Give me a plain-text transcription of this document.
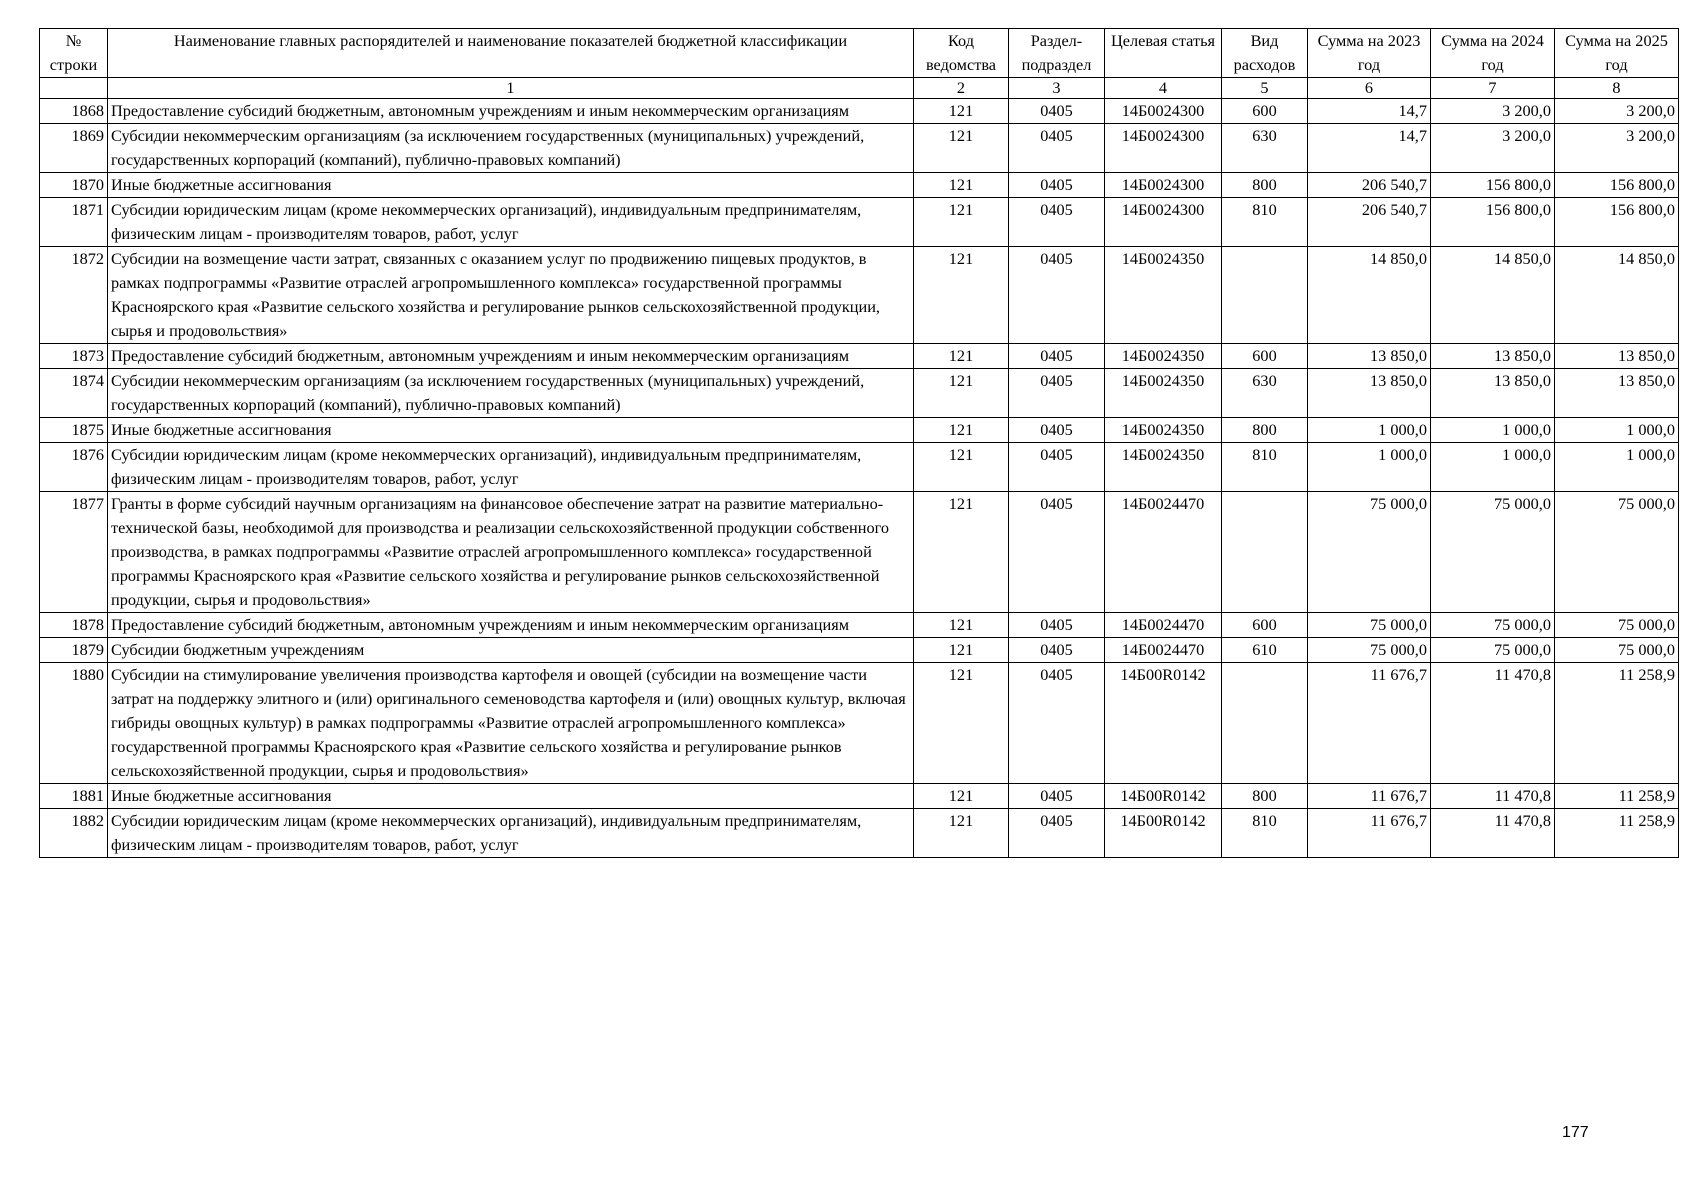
№ строки	Наименование главных распорядителей и наименование показателей бюджетной классификации	Код ведомства	Раздел-подраздел	Целевая статья	Вид расходов	Сумма на 2023 год	Сумма на 2024 год	Сумма на 2025 год
	1	2	3	4	5	6	7	8
1868	Предоставление субсидий бюджетным, автономным учреждениям и иным некоммерческим организациям	121	0405	14Б0024300	600	14,7	3 200,0	3 200,0
1869	Субсидии некоммерческим организациям (за исключением государственных (муниципальных) учреждений, государственных корпораций (компаний), публично-правовых компаний)	121	0405	14Б0024300	630	14,7	3 200,0	3 200,0
1870	Иные бюджетные ассигнования	121	0405	14Б0024300	800	206 540,7	156 800,0	156 800,0
1871	Субсидии юридическим лицам (кроме некоммерческих организаций), индивидуальным предпринимателям, физическим лицам - производителям товаров, работ, услуг	121	0405	14Б0024300	810	206 540,7	156 800,0	156 800,0
1872	Субсидии на возмещение части затрат, связанных с оказанием услуг по продвижению пищевых продуктов, в рамках подпрограммы «Развитие отраслей агропромышленного комплекса» государственной программы Красноярского края «Развитие сельского хозяйства и регулирование рынков сельскохозяйственной продукции, сырья и продовольствия»	121	0405	14Б0024350		14 850,0	14 850,0	14 850,0
1873	Предоставление субсидий бюджетным, автономным учреждениям и иным некоммерческим организациям	121	0405	14Б0024350	600	13 850,0	13 850,0	13 850,0
1874	Субсидии некоммерческим организациям (за исключением государственных (муниципальных) учреждений, государственных корпораций (компаний), публично-правовых компаний)	121	0405	14Б0024350	630	13 850,0	13 850,0	13 850,0
1875	Иные бюджетные ассигнования	121	0405	14Б0024350	800	1 000,0	1 000,0	1 000,0
1876	Субсидии юридическим лицам (кроме некоммерческих организаций), индивидуальным предпринимателям, физическим лицам - производителям товаров, работ, услуг	121	0405	14Б0024350	810	1 000,0	1 000,0	1 000,0
1877	Гранты в форме субсидий научным организациям на финансовое обеспечение затрат на развитие материально-технической базы, необходимой для производства и реализации сельскохозяйственной продукции собственного производства, в рамках подпрограммы «Развитие отраслей агропромышленного комплекса» государственной программы Красноярского края «Развитие сельского хозяйства и регулирование рынков сельскохозяйственной продукции, сырья и продовольствия»	121	0405	14Б0024470		75 000,0	75 000,0	75 000,0
1878	Предоставление субсидий бюджетным, автономным учреждениям и иным некоммерческим организациям	121	0405	14Б0024470	600	75 000,0	75 000,0	75 000,0
1879	Субсидии бюджетным учреждениям	121	0405	14Б0024470	610	75 000,0	75 000,0	75 000,0
1880	Субсидии на стимулирование увеличения производства картофеля и овощей (субсидии на возмещение части затрат на поддержку элитного и (или) оригинального семеноводства картофеля и (или) овощных культур, включая гибриды овощных культур) в рамках подпрограммы «Развитие отраслей агропромышленного комплекса» государственной программы Красноярского края «Развитие сельского хозяйства и регулирование рынков сельскохозяйственной продукции, сырья и продовольствия»	121	0405	14Б00R0142		11 676,7	11 470,8	11 258,9
1881	Иные бюджетные ассигнования	121	0405	14Б00R0142	800	11 676,7	11 470,8	11 258,9
1882	Субсидии юридическим лицам (кроме некоммерческих организаций), индивидуальным предпринимателям, физическим лицам - производителям товаров, работ, услуг	121	0405	14Б00R0142	810	11 676,7	11 470,8	11 258,9
177
